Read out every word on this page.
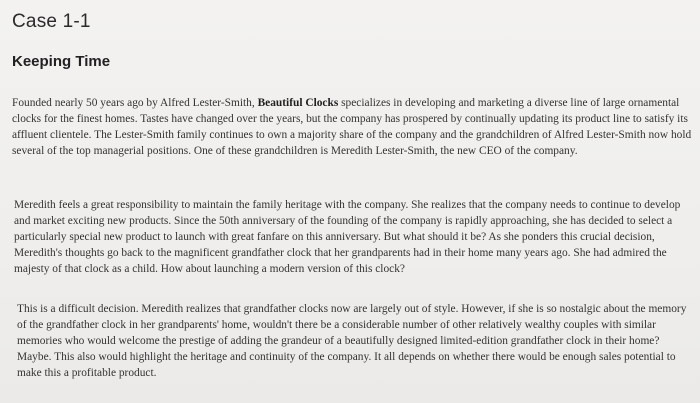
Case 1-1
Keeping Time

Founded nearly 50 years ago by Alfred Lester-Smith, Beautiful Clocks specializes in developing and marketing a diverse line of large ornamental clocks for the finest homes. Tastes have changed over the years, but the company has prospered by continually updating its product line to satisfy its affluent clientele. The Lester-Smith family continues to own a majority share of the company and the grandchildren of Alfred Lester-Smith now hold several of the top managerial positions. One of these grandchildren is Meredith Lester-Smith, the new CEO of the company.

Meredith feels a great responsibility to maintain the family heritage with the company. She realizes that the company needs to continue to develop and market exciting new products. Since the 50th anniversary of the founding of the company is rapidly approaching, she has decided to select a particularly special new product to launch with great fanfare on this anniversary. But what should it be? As she ponders this crucial decision, Meredith's thoughts go back to the magnificent grandfather clock that her grandparents had in their home many years ago. She had admired the majesty of that clock as a child. How about launching a modern version of this clock?

This is a difficult decision. Meredith realizes that grandfather clocks now are largely out of style. However, if she is so nostalgic about the memory of the grandfather clock in her grandparents' home, wouldn't there be a considerable number of other relatively wealthy couples with similar memories who would welcome the prestige of adding the grandeur of a beautifully designed limited-edition grandfather clock in their home? Maybe. This also would highlight the heritage and continuity of the company. It all depends on whether there would be enough sales potential to make this a profitable product.
